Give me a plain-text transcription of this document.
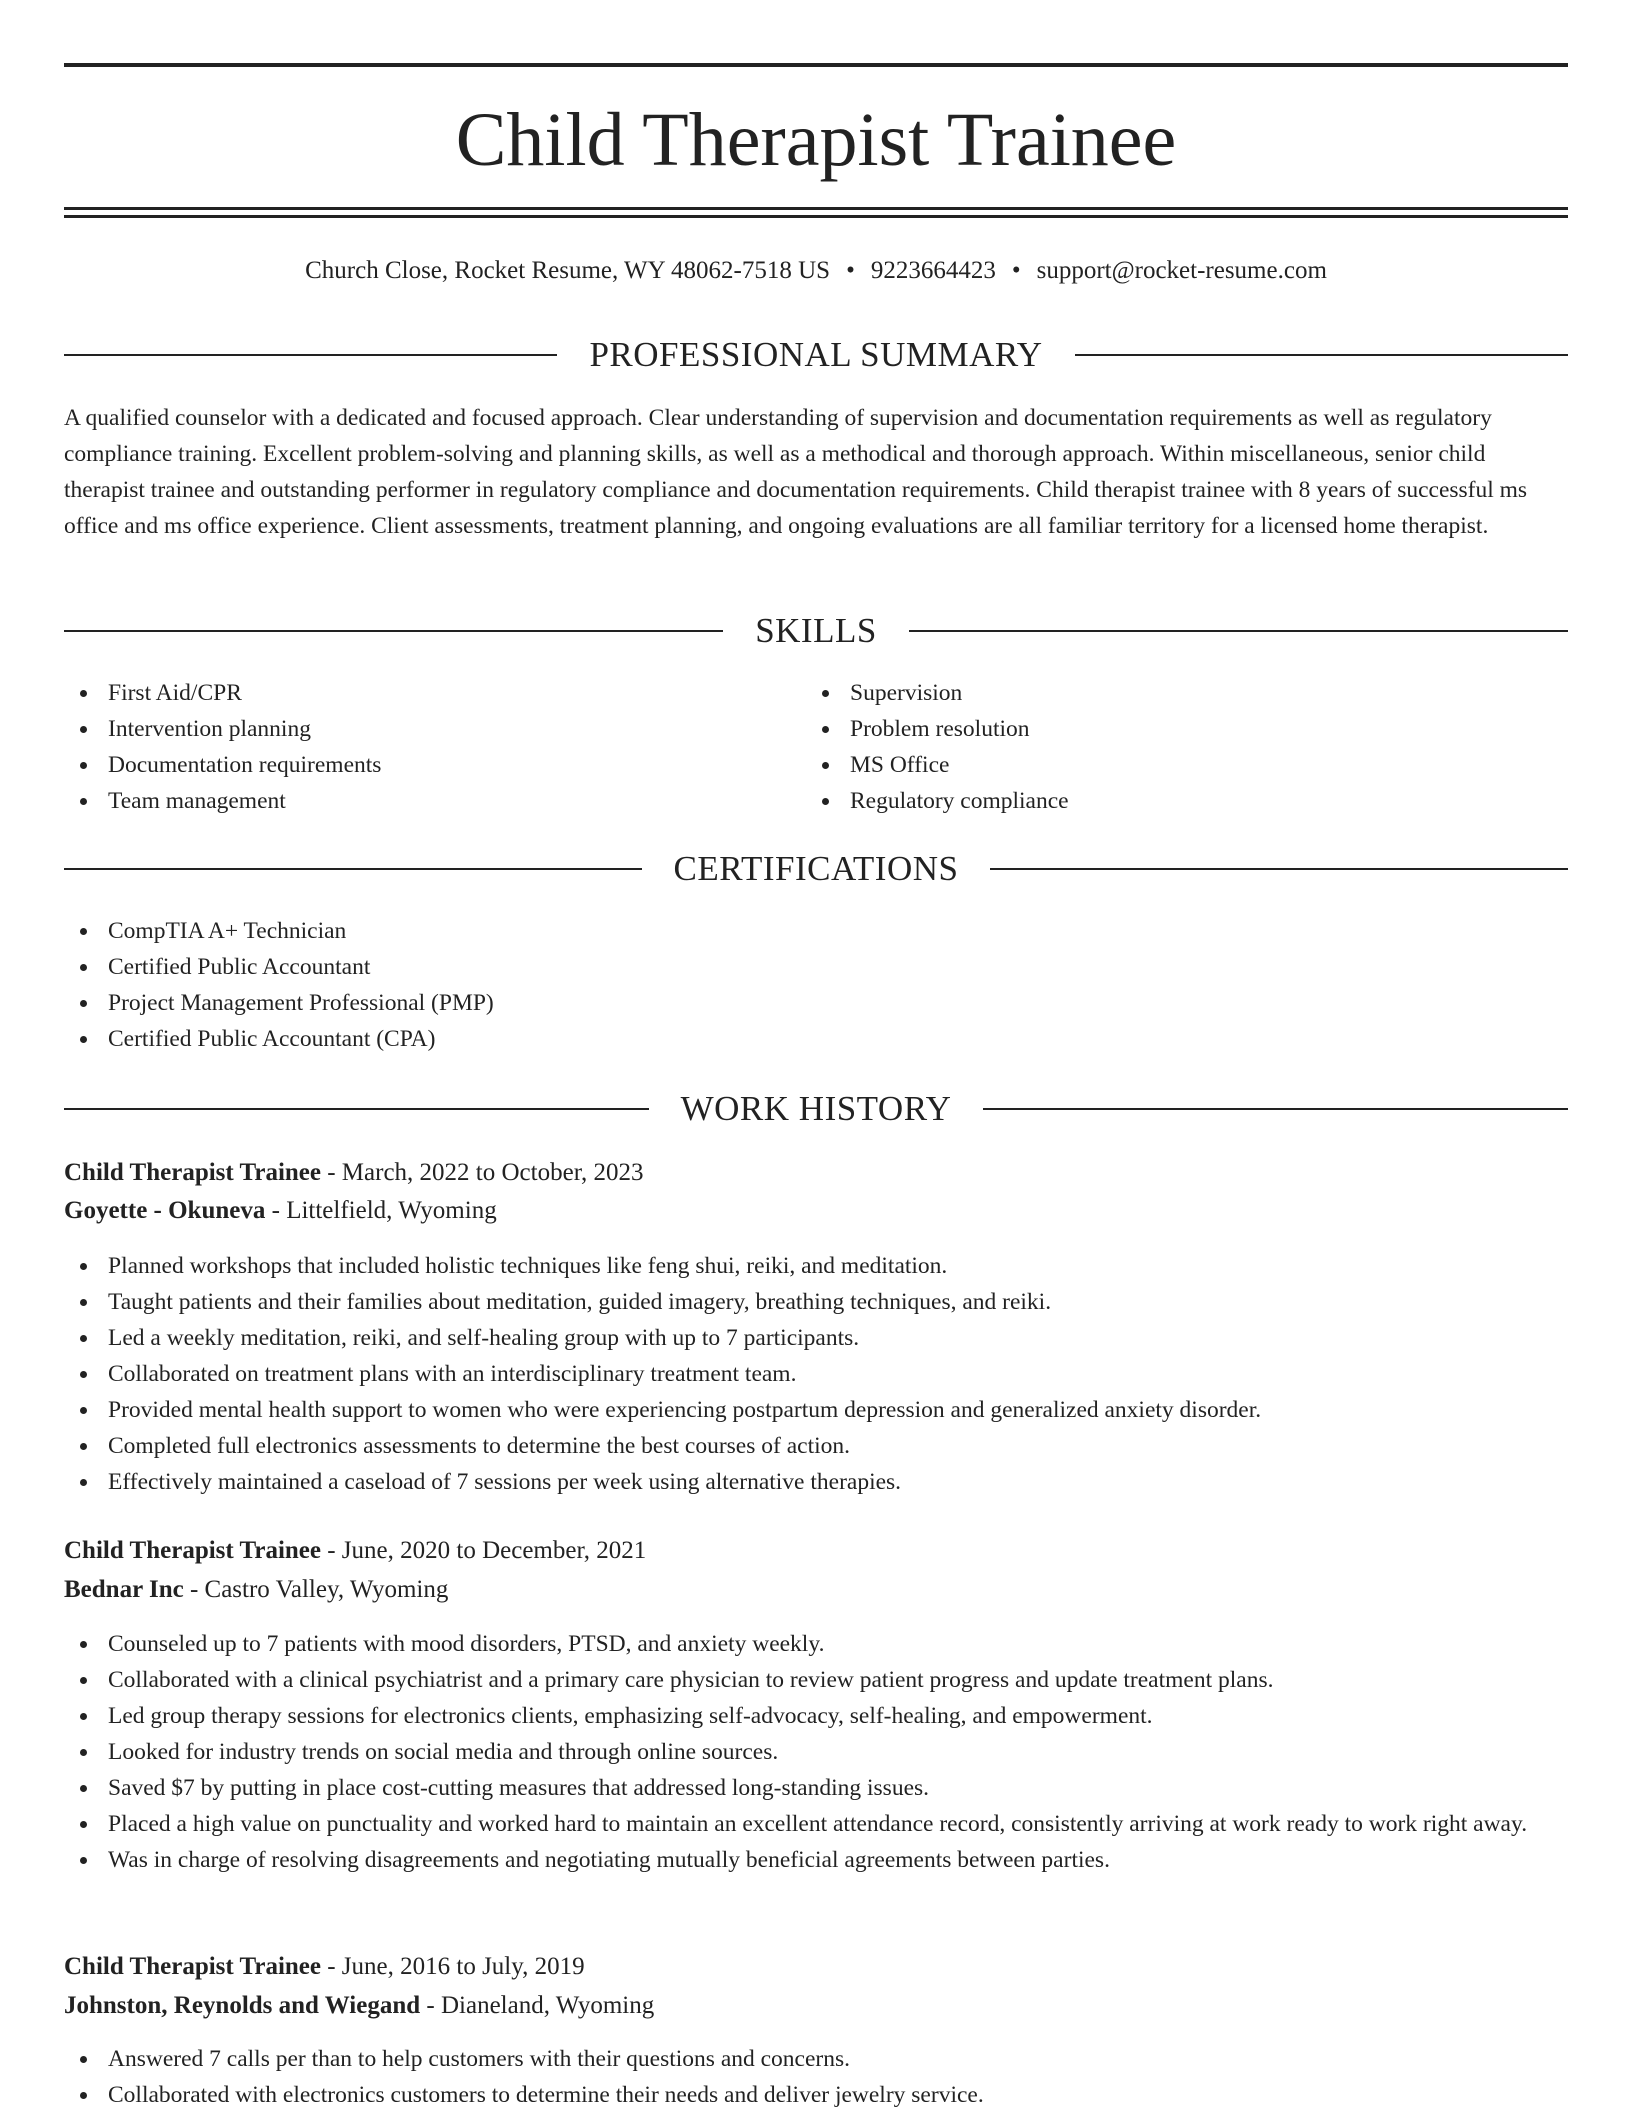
Child Therapist Trainee
Church Close, Rocket Resume, WY 48062-7518 US • 9223664423 • support@rocket-resume.com
PROFESSIONAL SUMMARY

A qualified counselor with a dedicated and focused approach. Clear understanding of supervision and documentation requirements as well as regulatory compliance training. Excellent problem-solving and planning skills, as well as a methodical and thorough approach. Within miscellaneous, senior child therapist trainee and outstanding performer in regulatory compliance and documentation requirements. Child therapist trainee with 8 years of successful ms office and ms office experience. Client assessments, treatment planning, and ongoing evaluations are all familiar territory for a licensed home therapist.

SKILLS
First Aid/CPR
Intervention planning
Documentation requirements
Team management
Supervision
Problem resolution
MS Office
Regulatory compliance
CERTIFICATIONS
CompTIA A+ Technician
Certified Public Accountant
Project Management Professional (PMP)
Certified Public Accountant (CPA)
WORK HISTORY
Child Therapist Trainee - March, 2022 to October, 2023
Goyette - Okuneva - Littelfield, Wyoming
Planned workshops that included holistic techniques like feng shui, reiki, and meditation.
Taught patients and their families about meditation, guided imagery, breathing techniques, and reiki.
Led a weekly meditation, reiki, and self-healing group with up to 7 participants.
Collaborated on treatment plans with an interdisciplinary treatment team.
Provided mental health support to women who were experiencing postpartum depression and generalized anxiety disorder.
Completed full electronics assessments to determine the best courses of action.
Effectively maintained a caseload of 7 sessions per week using alternative therapies.
Child Therapist Trainee - June, 2020 to December, 2021
Bednar Inc - Castro Valley, Wyoming
Counseled up to 7 patients with mood disorders, PTSD, and anxiety weekly.
Collaborated with a clinical psychiatrist and a primary care physician to review patient progress and update treatment plans.
Led group therapy sessions for electronics clients, emphasizing self-advocacy, self-healing, and empowerment.
Looked for industry trends on social media and through online sources.
Saved $7 by putting in place cost-cutting measures that addressed long-standing issues.
Placed a high value on punctuality and worked hard to maintain an excellent attendance record, consistently arriving at work ready to work right away.
Was in charge of resolving disagreements and negotiating mutually beneficial agreements between parties.
Child Therapist Trainee - June, 2016 to July, 2019
Johnston, Reynolds and Wiegand - Dianeland, Wyoming
Answered 7 calls per than to help customers with their questions and concerns.
Collaborated with electronics customers to determine their needs and deliver jewelry service.
